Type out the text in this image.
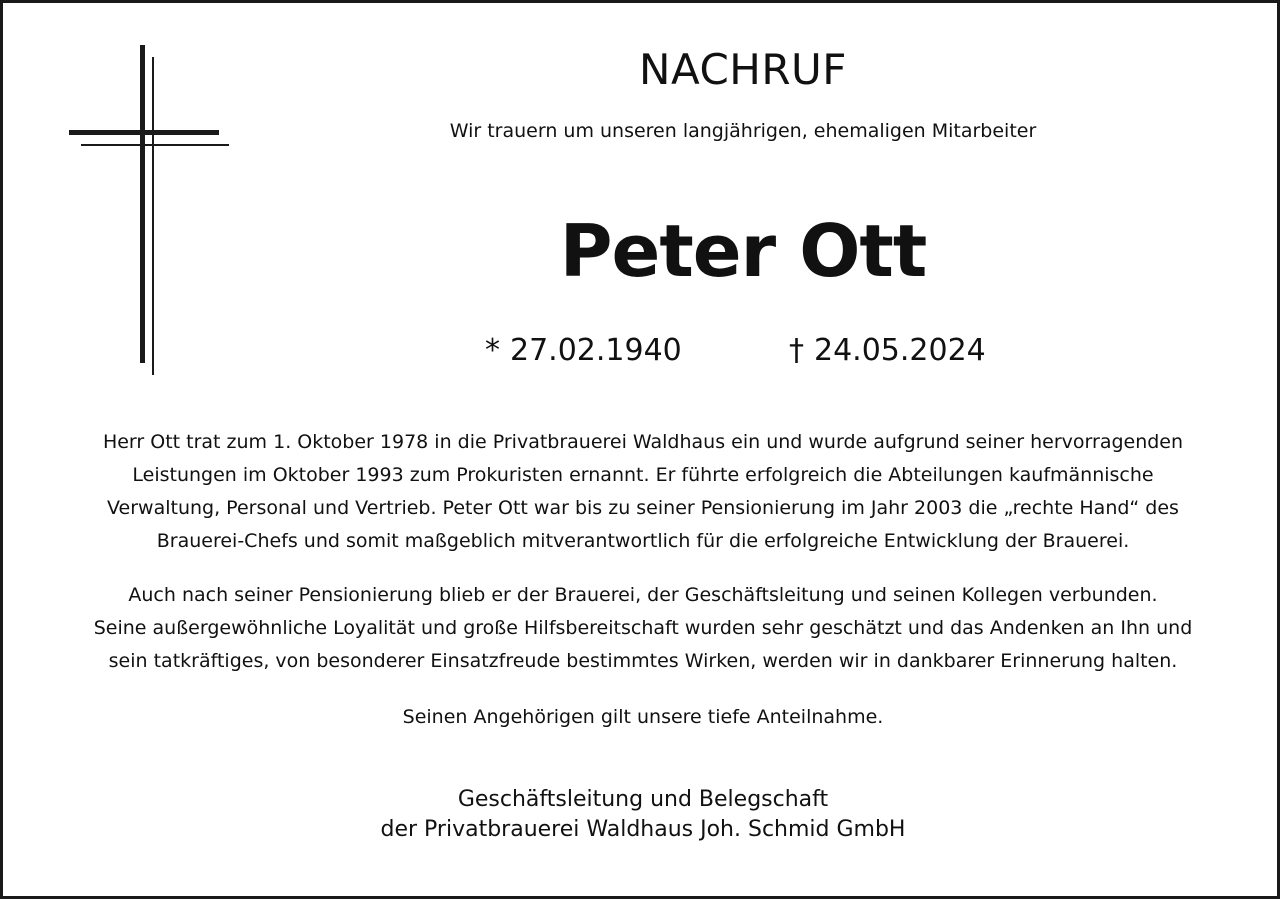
NACHRUF
Wir trauern um unseren langjährigen, ehemaligen Mitarbeiter
Peter Ott
* 27.02.1940	† 24.05.2024

Herr Ott trat zum 1. Oktober 1978 in die Privatbrauerei Waldhaus ein und wurde aufgrund seiner hervorragenden
Leistungen im Oktober 1993 zum Prokuristen ernannt. Er führte erfolgreich die Abteilungen kaufmännische
Verwaltung, Personal und Vertrieb. Peter Ott war bis zu seiner Pensionierung im Jahr 2003 die „rechte Hand“ des
Brauerei-Chefs und somit maßgeblich mitverantwortlich für die erfolgreiche Entwicklung der Brauerei.

Auch nach seiner Pensionierung blieb er der Brauerei, der Geschäftsleitung und seinen Kollegen verbunden.
Seine außergewöhnliche Loyalität und große Hilfsbereitschaft wurden sehr geschätzt und das Andenken an Ihn und
sein tatkräftiges, von besonderer Einsatzfreude bestimmtes Wirken, werden wir in dankbarer Erinnerung halten.

Seinen Angehörigen gilt unsere tiefe Anteilnahme.

Geschäftsleitung und Belegschaft
der Privatbrauerei Waldhaus Joh. Schmid GmbH
